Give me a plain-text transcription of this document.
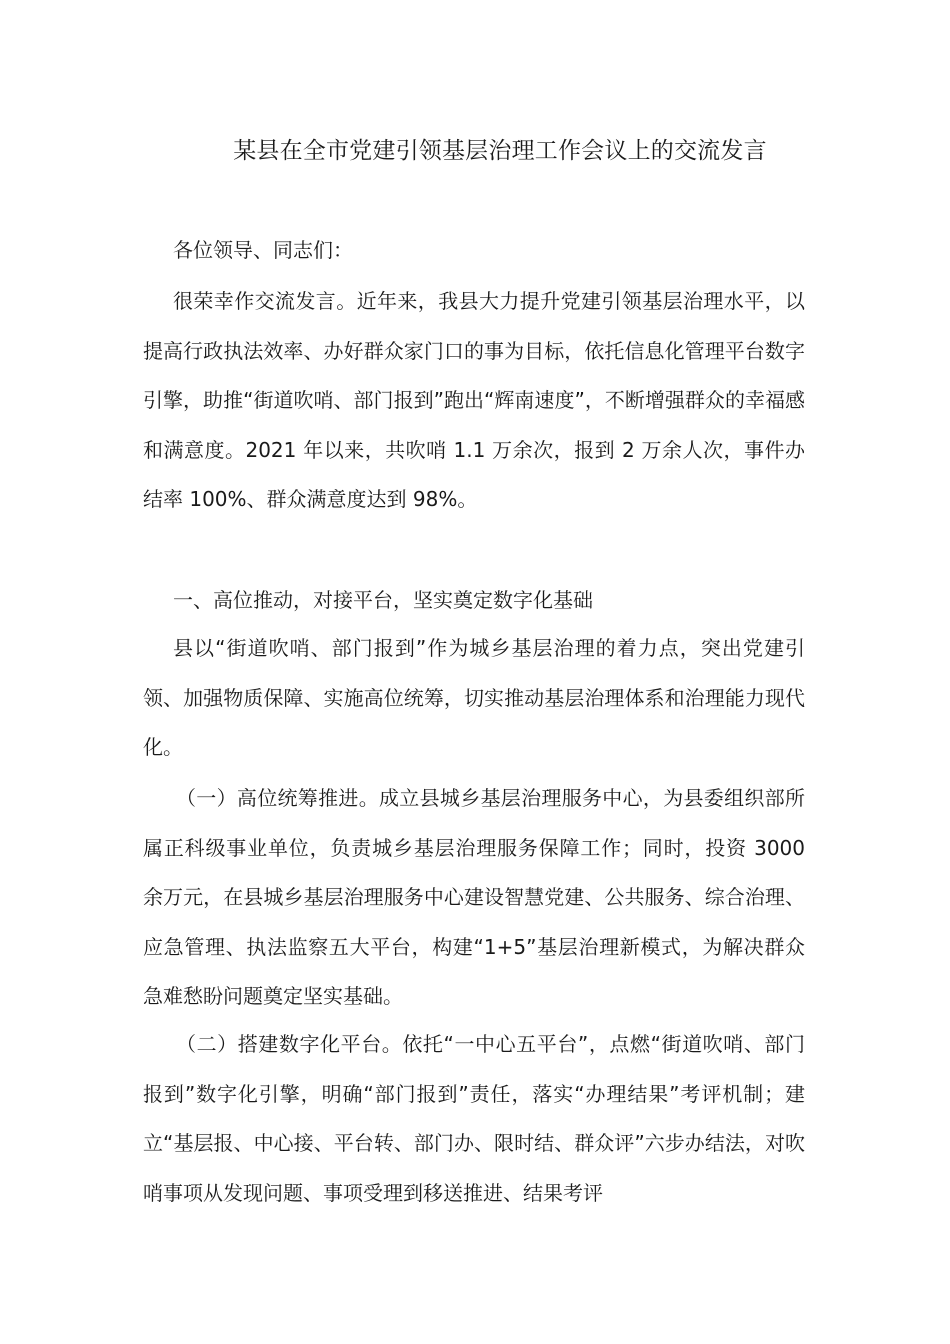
某县在全市党建引领基层治理工作会议上的交流发言

各位领导、同志们：

很荣幸作交流发言。近年来，我县大力提升党建引领基层治理水平，以提高行政执法效率、办好群众家门口的事为目标，依托信息化管理平台数字引擎，助推“街道吹哨、部门报到”跑出“辉南速度”，不断增强群众的幸福感和满意度。2021 年以来，共吹哨 1.1 万余次，报到 2 万余人次，事件办结率 100%、群众满意度达到 98%。

一、高位推动，对接平台，坚实奠定数字化基础

县以“街道吹哨、部门报到”作为城乡基层治理的着力点，突出党建引领、加强物质保障、实施高位统筹，切实推动基层治理体系和治理能力现代化。

（一）高位统筹推进。成立县城乡基层治理服务中心，为县委组织部所属正科级事业单位，负责城乡基层治理服务保障工作；同时，投资 3000 余万元，在县城乡基层治理服务中心建设智慧党建、公共服务、综合治理、应急管理、执法监察五大平台，构建“1+5”基层治理新模式，为解决群众急难愁盼问题奠定坚实基础。

（二）搭建数字化平台。依托“一中心五平台”，点燃“街道吹哨、部门报到”数字化引擎，明确“部门报到”责任，落实“办理结果”考评机制；建立“基层报、中心接、平台转、部门办、限时结、群众评”六步办结法，对吹哨事项从发现问题、事项受理到移送推进、结果考评
